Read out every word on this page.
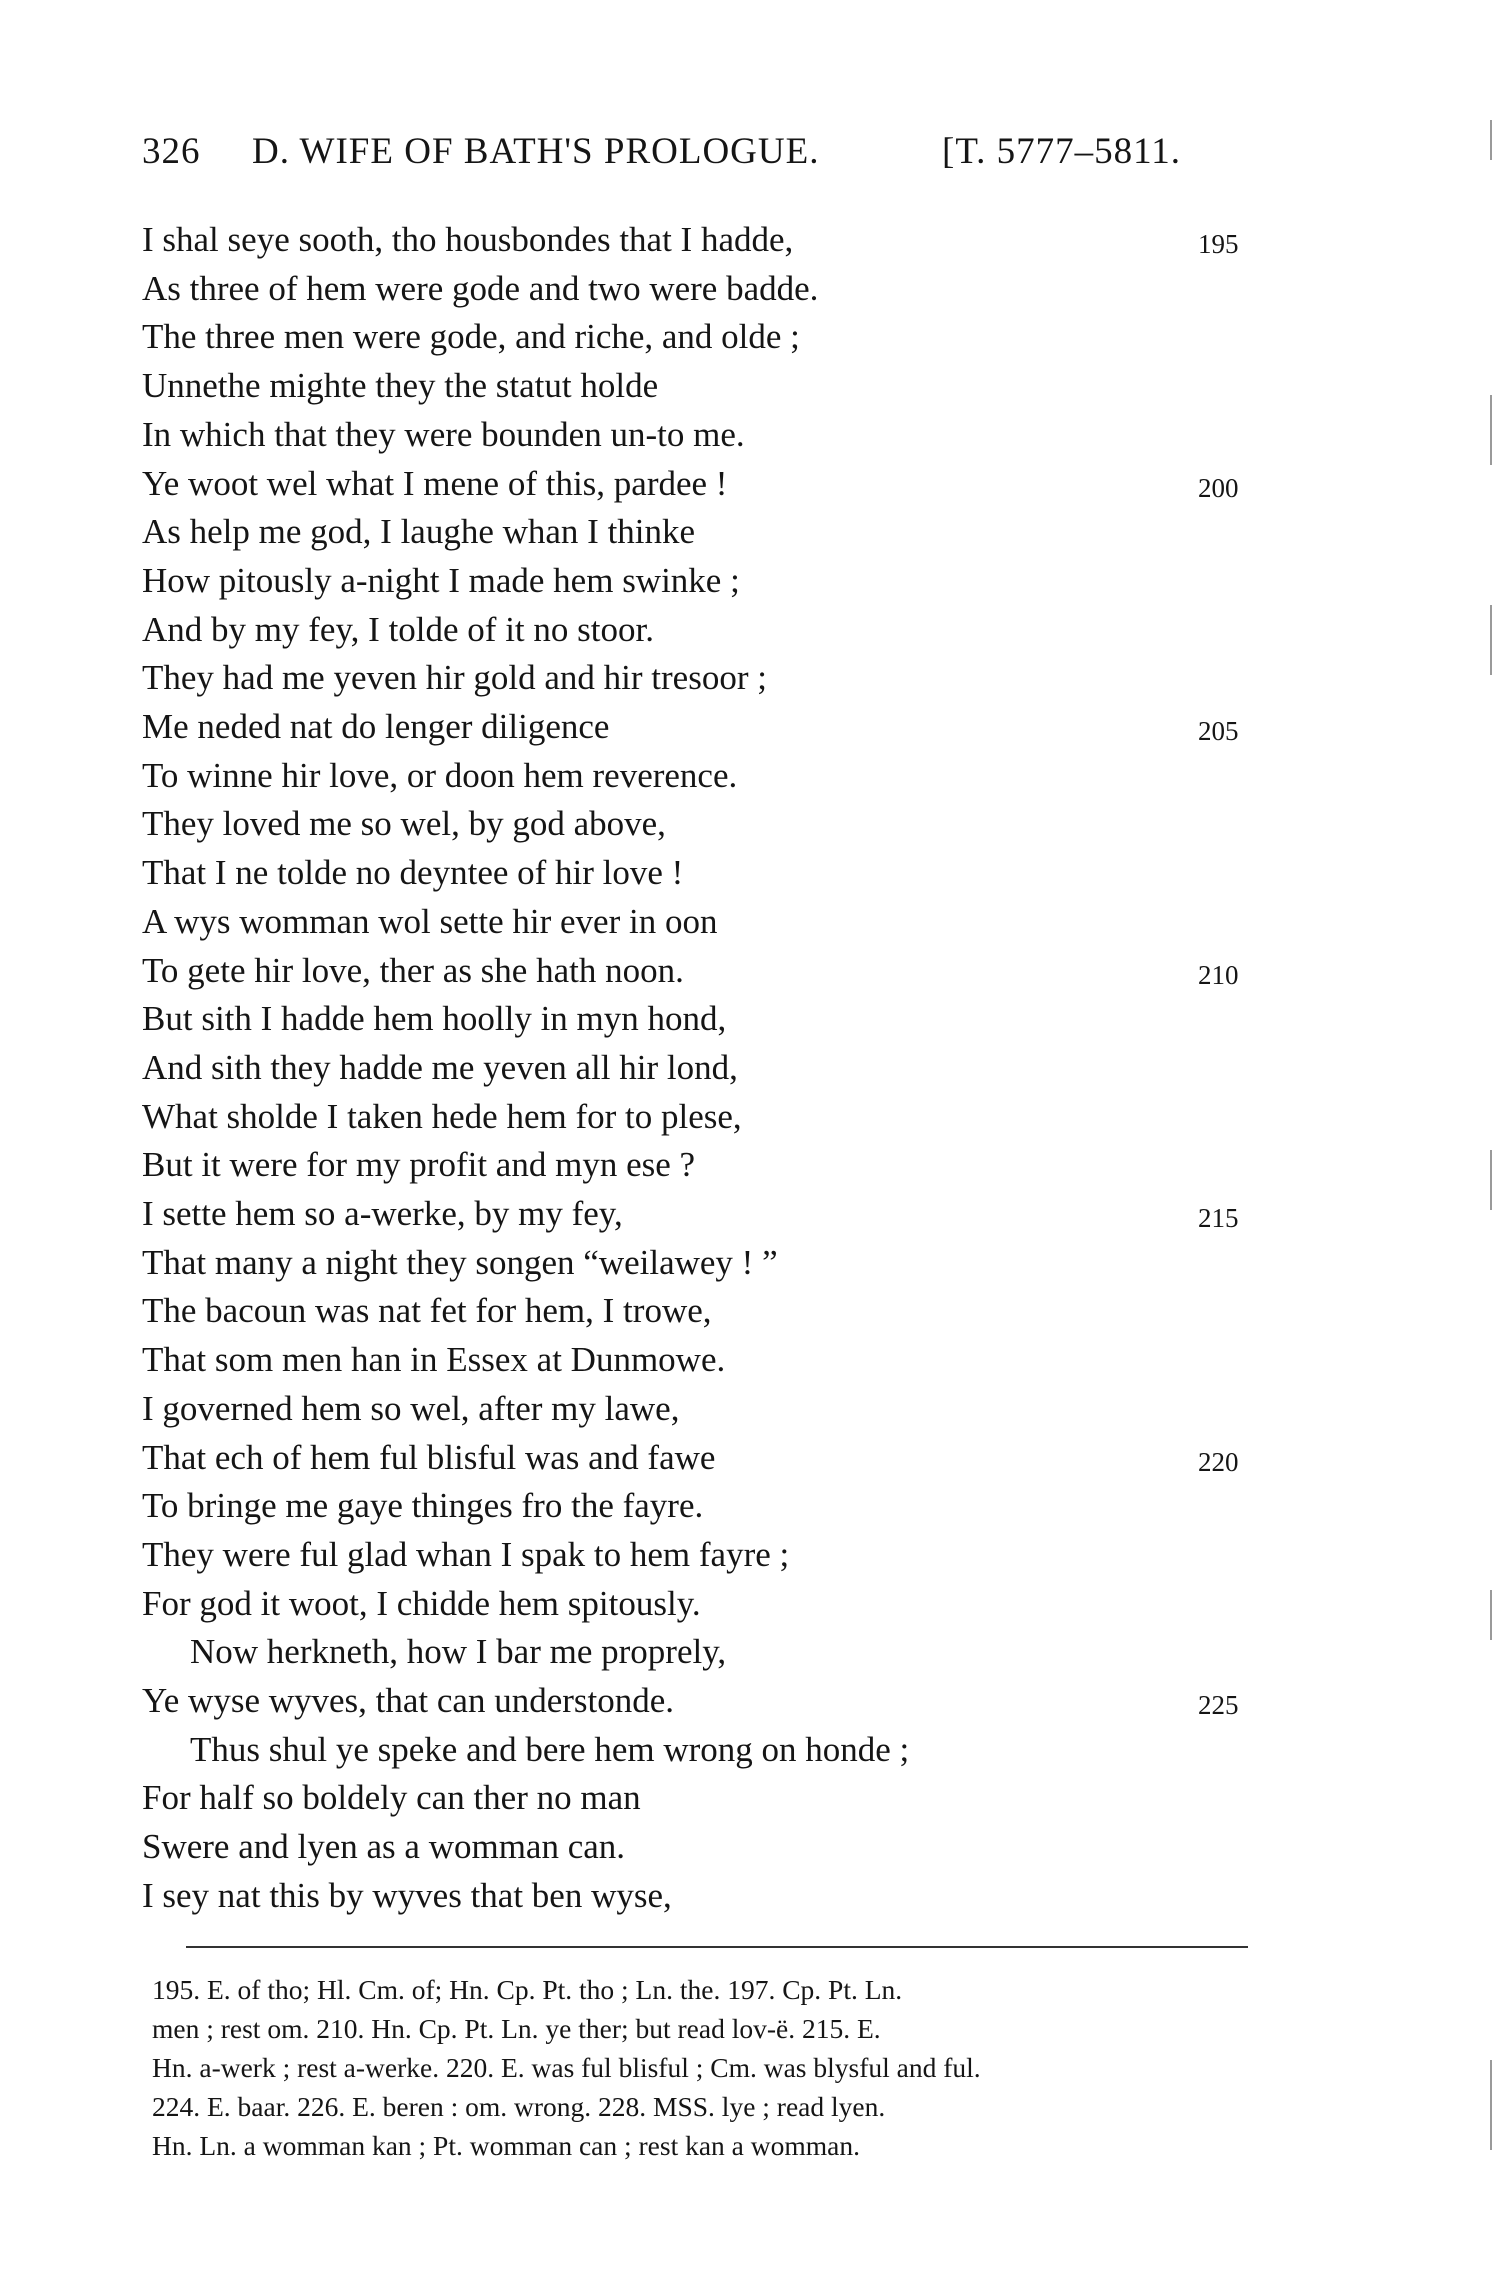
326 D. WIFE OF BATH'S PROLOGUE.	[T. 5777–5811.
I shal seye sooth, tho housbondes that I hadde,	195
As three of hem were gode and two were badde.
The three men were gode, and riche, and olde ;
Unnethe mighte they the statut holde
In which that they were bounden un-to me.
Ye woot wel what I mene of this, pardee !	200
As help me god, I laughe whan I thinke
How pitously a-night I made hem swinke ;
And by my fey, I tolde of it no stoor.
They had me yeven hir gold and hir tresoor ;
Me neded nat do lenger diligence	205
To winne hir love, or doon hem reverence.
They loved me so wel, by god above,
That I ne tolde no deyntee of hir love !
A wys womman wol sette hir ever in oon
To gete hir love, ther as she hath noon.	210
But sith I hadde hem hoolly in myn hond,
And sith they hadde me yeven all hir lond,
What sholde I taken hede hem for to plese,
But it were for my profit and myn ese ?
I sette hem so a-werke, by my fey,	215
That many a night they songen “weilawey ! ”
The bacoun was nat fet for hem, I trowe,
That som men han in Essex at Dunmowe.
I governed hem so wel, after my lawe,
That ech of hem ful blisful was and fawe	220
To bringe me gaye thinges fro the fayre.
They were ful glad whan I spak to hem fayre ;
For god it woot, I chidde hem spitously.
Now herkneth, how I bar me proprely,
Ye wyse wyves, that can understonde.	225
Thus shul ye speke and bere hem wrong on honde ;
For half so boldely can ther no man
Swere and lyen as a womman can.
I sey nat this by wyves that ben wyse,
195. E. of tho; Hl. Cm. of; Hn. Cp. Pt. tho ; Ln. the. 197. Cp. Pt. Ln.
men ; rest om. 210. Hn. Cp. Pt. Ln. ye ther; but read lov-ë. 215. E.
Hn. a-werk ; rest a-werke. 220. E. was ful blisful ; Cm. was blysful and ful.
224. E. baar. 226. E. beren : om. wrong. 228. MSS. lye ; read lyen.
Hn. Ln. a womman kan ; Pt. womman can ; rest kan a womman.
